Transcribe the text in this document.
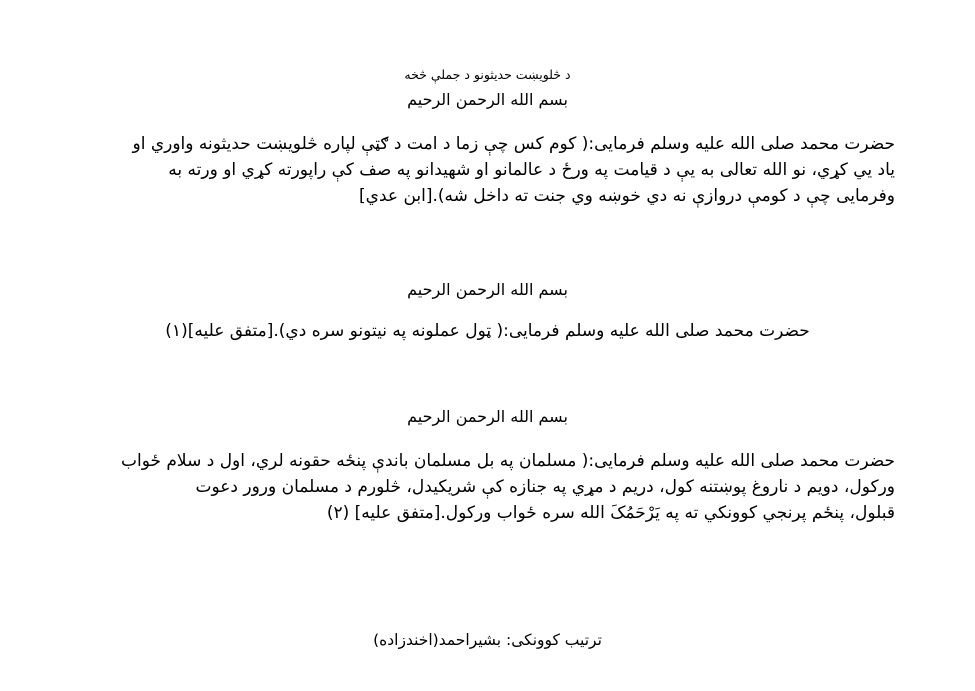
د څلویښت حدیثونو د جملې څخه
بسم الله الرحمن الرحيم
حضرت محمد صلی الله علیه وسلم فرمایی:( کوم کس چې زما د امت د ګټې لپاره څلویښت حدیثونه واوري او
یاد یي کړي، نو الله تعالی به یې د قیامت په ورځ د عالمانو او شهیدانو په صف کې راپورته کړي او ورته به
وفرمایی چې د کومې دروازې نه دي خوښه وي جنت ته داخل شه).[ابن عدي]
بسم الله الرحمن الرحيم
حضرت محمد صلی الله علیه وسلم فرمایی:( ټول عملونه په نیتونو سره دي).[متفق علیه](۱)
بسم الله الرحمن الرحيم
حضرت محمد صلی الله علیه وسلم فرمایی:( مسلمان په بل مسلمان باندې پنځه حقونه لري، اول د سلام ځواب
ورکول، دویم د ناروغ پوښتنه کول، دریم د مړي په جنازه کې شریکیدل، څلورم د مسلمان ورور دعوت
قبلول، پنځم پرنجي کوونکي ته په يَرْحَمُکَ الله سره ځواب ورکول.[متفق علیه] (۲)
ترتیب کوونکی: بشیراحمد(اخندزاده)
